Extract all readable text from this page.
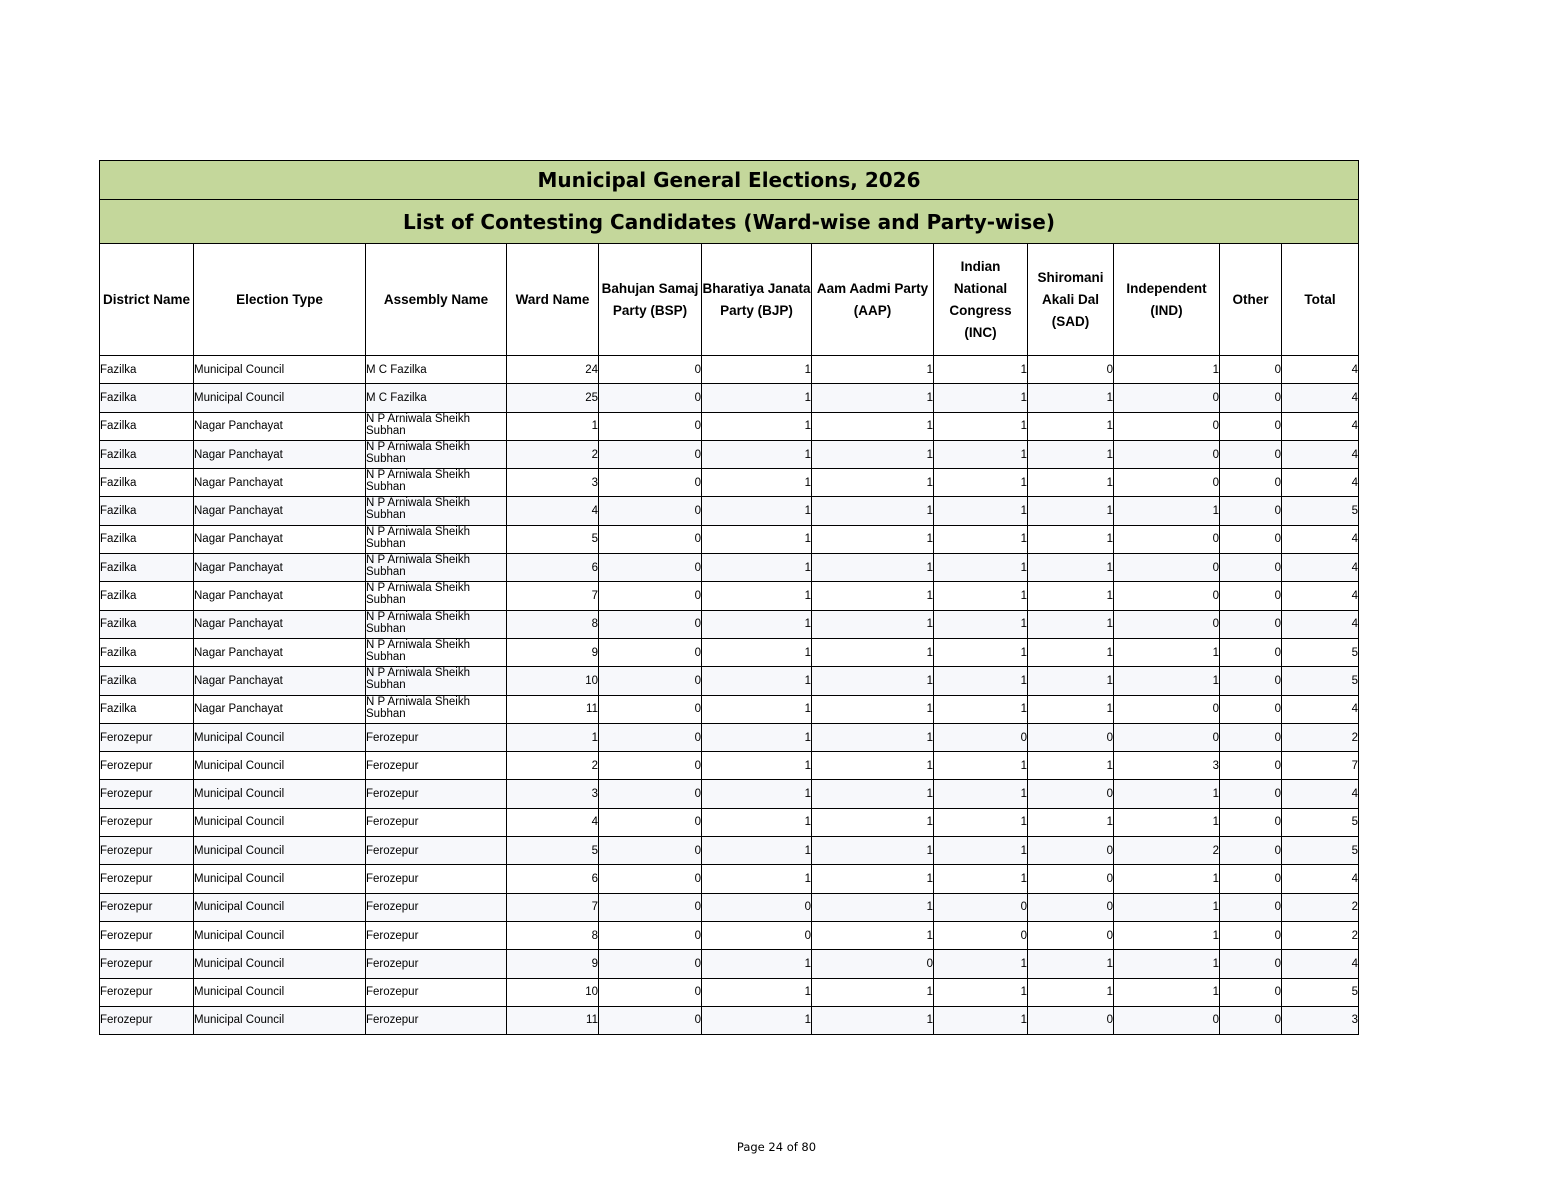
Municipal General Elections, 2026											
List of Contesting Candidates (Ward-wise and Party-wise)											
District Name	Election Type	Assembly Name	Ward Name	Bahujan Samaj Party (BSP)	Bharatiya Janata Party (BJP)	Aam Aadmi Party (AAP)	Indian National Congress (INC)	Shiromani Akali Dal (SAD)	Independent (IND)	Other	Total
Fazilka	Municipal Council	M C Fazilka	24	0	1	1	1	0	1	0	4
Fazilka	Municipal Council	M C Fazilka	25	0	1	1	1	1	0	0	4
Fazilka	Nagar Panchayat	N P Arniwala Sheikh Subhan	1	0	1	1	1	1	0	0	4
Fazilka	Nagar Panchayat	N P Arniwala Sheikh Subhan	2	0	1	1	1	1	0	0	4
Fazilka	Nagar Panchayat	N P Arniwala Sheikh Subhan	3	0	1	1	1	1	0	0	4
Fazilka	Nagar Panchayat	N P Arniwala Sheikh Subhan	4	0	1	1	1	1	1	0	5
Fazilka	Nagar Panchayat	N P Arniwala Sheikh Subhan	5	0	1	1	1	1	0	0	4
Fazilka	Nagar Panchayat	N P Arniwala Sheikh Subhan	6	0	1	1	1	1	0	0	4
Fazilka	Nagar Panchayat	N P Arniwala Sheikh Subhan	7	0	1	1	1	1	0	0	4
Fazilka	Nagar Panchayat	N P Arniwala Sheikh Subhan	8	0	1	1	1	1	0	0	4
Fazilka	Nagar Panchayat	N P Arniwala Sheikh Subhan	9	0	1	1	1	1	1	0	5
Fazilka	Nagar Panchayat	N P Arniwala Sheikh Subhan	10	0	1	1	1	1	1	0	5
Fazilka	Nagar Panchayat	N P Arniwala Sheikh Subhan	11	0	1	1	1	1	0	0	4
Ferozepur	Municipal Council	Ferozepur	1	0	1	1	0	0	0	0	2
Ferozepur	Municipal Council	Ferozepur	2	0	1	1	1	1	3	0	7
Ferozepur	Municipal Council	Ferozepur	3	0	1	1	1	0	1	0	4
Ferozepur	Municipal Council	Ferozepur	4	0	1	1	1	1	1	0	5
Ferozepur	Municipal Council	Ferozepur	5	0	1	1	1	0	2	0	5
Ferozepur	Municipal Council	Ferozepur	6	0	1	1	1	0	1	0	4
Ferozepur	Municipal Council	Ferozepur	7	0	0	1	0	0	1	0	2
Ferozepur	Municipal Council	Ferozepur	8	0	0	1	0	0	1	0	2
Ferozepur	Municipal Council	Ferozepur	9	0	1	0	1	1	1	0	4
Ferozepur	Municipal Council	Ferozepur	10	0	1	1	1	1	1	0	5
Ferozepur	Municipal Council	Ferozepur	11	0	1	1	1	0	0	0	3
Page 24 of 80
